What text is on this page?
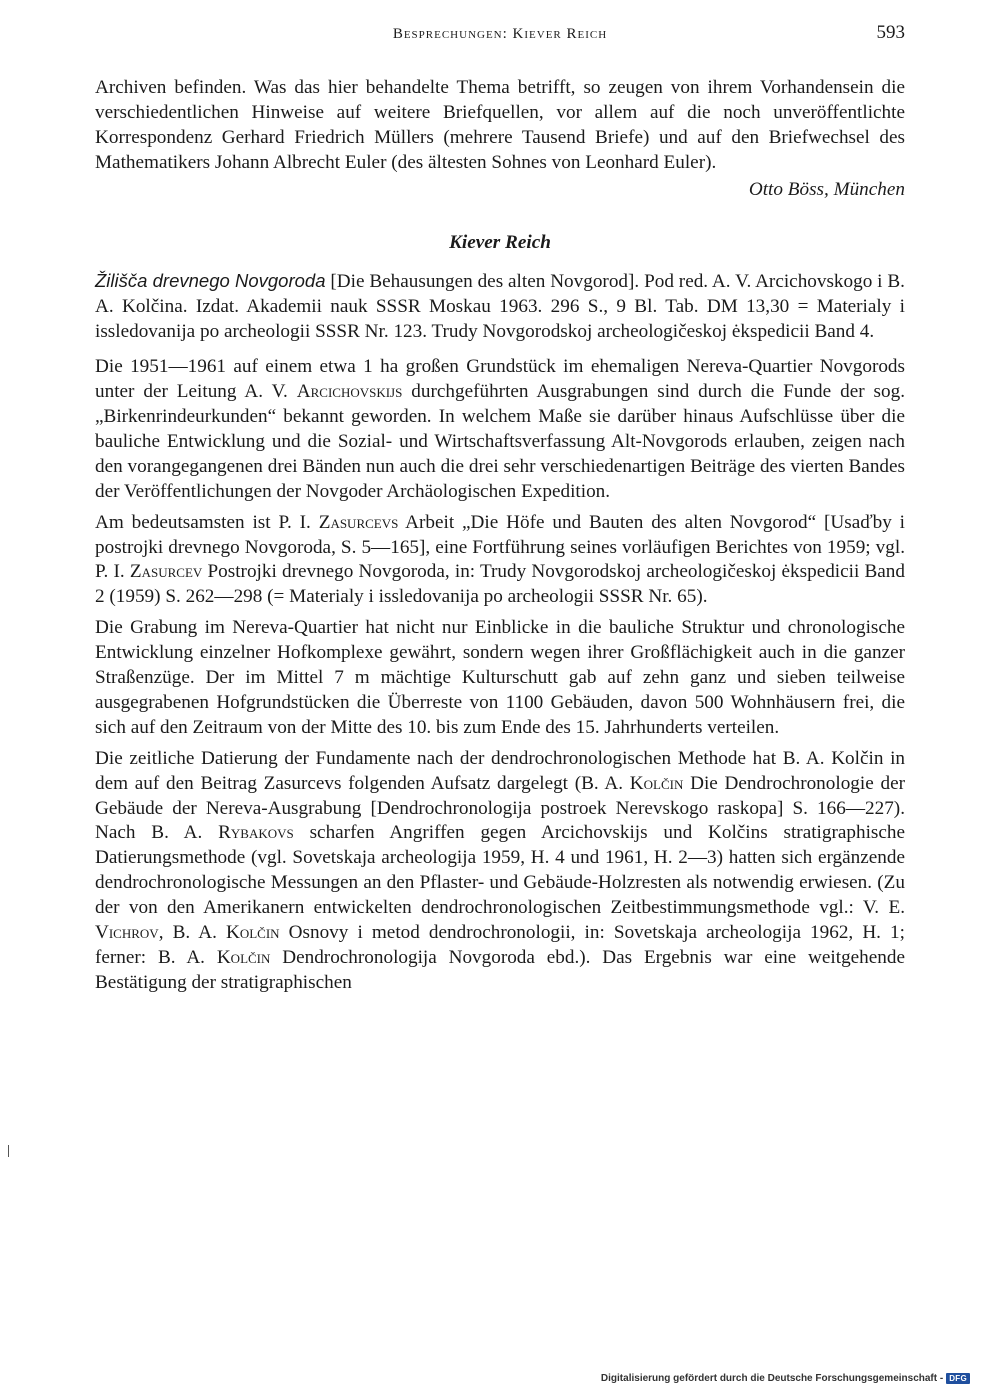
Besprechungen: Kiever Reich	593

Archiven befinden. Was das hier behandelte Thema betrifft, so zeugen von ihrem Vorhandensein die verschiedentlichen Hinweise auf weitere Briefquellen, vor allem auf die noch unveröffentlichte Korrespondenz Gerhard Friedrich Müllers (mehrere Tausend Briefe) und auf den Briefwechsel des Mathematikers Johann Albrecht Euler (des ältesten Sohnes von Leonhard Euler).

Otto Böss, München

Kiever Reich

Žilišča drevnego Novgoroda [Die Behausungen des alten Novgorod]. Pod red. A. V. Arcichovskogo i B. A. Kolčina. Izdat. Akademii nauk SSSR Moskau 1963. 296 S., 9 Bl. Tab. DM 13,30 = Materialy i issledovanija po archeologii SSSR Nr. 123. Trudy Novgorodskoj archeologičeskoj ėkspedicii Band 4.

Die 1951—1961 auf einem etwa 1 ha großen Grundstück im ehemaligen Nereva-Quartier Novgorods unter der Leitung A. V. Arcichovskijs durchgeführten Ausgrabungen sind durch die Funde der sog. „Birkenrindeurkunden“ bekannt geworden. In welchem Maße sie darüber hinaus Aufschlüsse über die bauliche Entwicklung und die Sozial- und Wirtschaftsverfassung Alt-Novgorods erlauben, zeigen nach den vorangegangenen drei Bänden nun auch die drei sehr verschiedenartigen Beiträge des vierten Bandes der Veröffentlichungen der Novgoder Archäologischen Expedition.

Am bedeutsamsten ist P. I. Zasurcevs Arbeit „Die Höfe und Bauten des alten Novgorod“ [Usaďby i postrojki drevnego Novgoroda, S. 5—165], eine Fortführung seines vorläufigen Berichtes von 1959; vgl. P. I. Zasurcev Postrojki drevnego Novgoroda, in: Trudy Novgorodskoj archeologičeskoj ėkspedicii Band 2 (1959) S. 262—298 (= Materialy i issledovanija po archeologii SSSR Nr. 65).

Die Grabung im Nereva-Quartier hat nicht nur Einblicke in die bauliche Struktur und chronologische Entwicklung einzelner Hofkomplexe gewährt, sondern wegen ihrer Großflächigkeit auch in die ganzer Straßenzüge. Der im Mittel 7 m mächtige Kulturschutt gab auf zehn ganz und sieben teilweise ausgegrabenen Hofgrundstücken die Überreste von 1100 Gebäuden, davon 500 Wohnhäusern frei, die sich auf den Zeitraum von der Mitte des 10. bis zum Ende des 15. Jahrhunderts verteilen.

Die zeitliche Datierung der Fundamente nach der dendrochronologischen Methode hat B. A. Kolčin in dem auf den Beitrag Zasurcevs folgenden Aufsatz dargelegt (B. A. Kolčin Die Dendrochronologie der Gebäude der Nereva-Ausgrabung [Dendrochronologija postroek Nerevskogo raskopa] S. 166—227). Nach B. A. Rybakovs scharfen Angriffen gegen Arcichovskijs und Kolčins stratigraphische Datierungsmethode (vgl. Sovetskaja archeologija 1959, H. 4 und 1961, H. 2—3) hatten sich ergänzende dendrochronologische Messungen an den Pflaster- und Gebäude-Holzresten als notwendig erwiesen. (Zu der von den Amerikanern entwickelten dendrochronologischen Zeitbestimmungsmethode vgl.: V. E. Vichrov, B. A. Kolčin Osnovy i metod dendrochronologii, in: Sovetskaja archeologija 1962, H. 1; ferner: B. A. Kolčin Dendrochronologija Novgoroda ebd.). Das Ergebnis war eine weitgehende Bestätigung der stratigraphischen

Digitalisierung gefördert durch die Deutsche Forschungsgemeinschaft - DFG
